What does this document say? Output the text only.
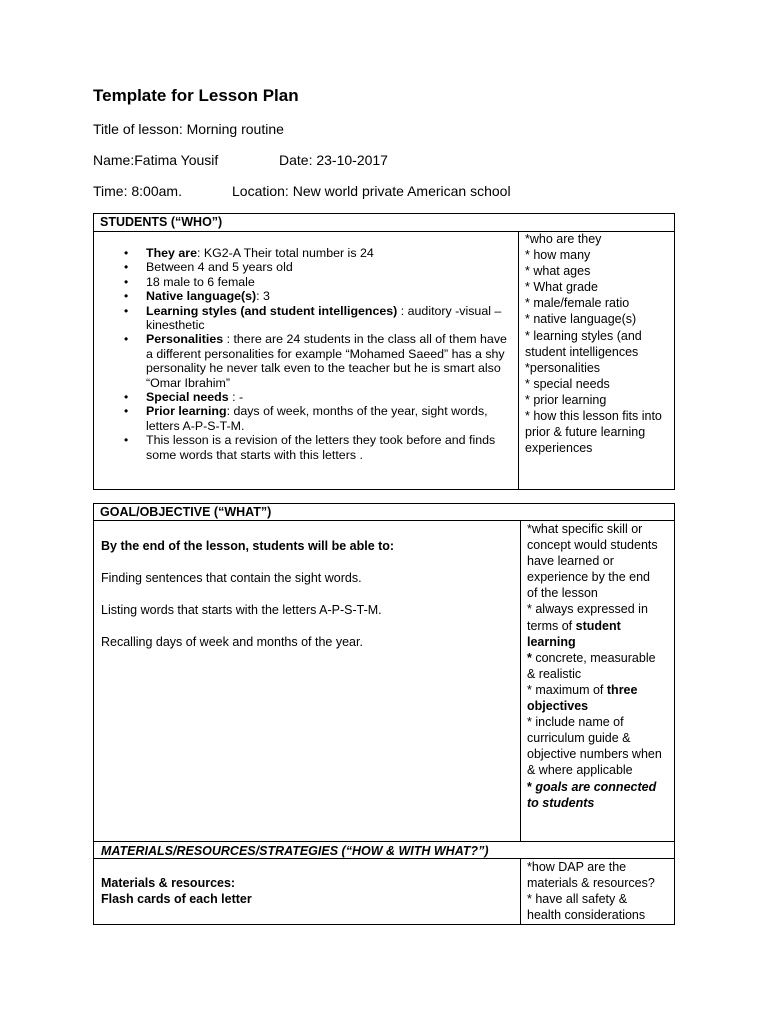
Template for Lesson Plan
Title of lesson: Morning routine
Name:Fatima Yousif	Date: 23-10-2017
Time: 8:00am.	Location: New world private American school
STUDENTS (“WHO”)
• They are: KG2-A Their total number is 24
• Between 4 and 5 years old
• 18 male to 6 female
• Native language(s): 3
• Learning styles (and student intelligences) : auditory -visual – kinesthetic
• Personalities : there are 24 students in the class all of them have a different personalities for example “Mohamed Saeed” has a shy personality he never talk even to the teacher but he is smart also “Omar Ibrahim”
• Special needs : -
• Prior learning: days of week, months of the year, sight words, letters A-P-S-T-M.
• This lesson is a revision of the letters they took before and finds some words that starts with this letters .
*who are they
* how many
* what ages
* What grade
* male/female ratio
* native language(s)
* learning styles (and
student intelligences
*personalities
* special needs
* prior learning
* how this lesson fits into
prior & future learning
experiences
GOAL/OBJECTIVE (“WHAT”)
By the end of the lesson, students will be able to:
Finding sentences that contain the sight words.
Listing words that starts with the letters A-P-S-T-M.
Recalling days of week and months of the year.
*what specific skill or
concept would students
have learned or
experience by the end
of the lesson
* always expressed in
terms of student
learning
* concrete, measurable
& realistic
* maximum of three
objectives
* include name of
curriculum guide &
objective numbers when
& where applicable
* goals are connected
to students
MATERIALS/RESOURCES/STRATEGIES (“HOW & WITH WHAT?”)
Materials & resources:
Flash cards of each letter
*how DAP are the
materials & resources?
* have all safety &
health considerations
